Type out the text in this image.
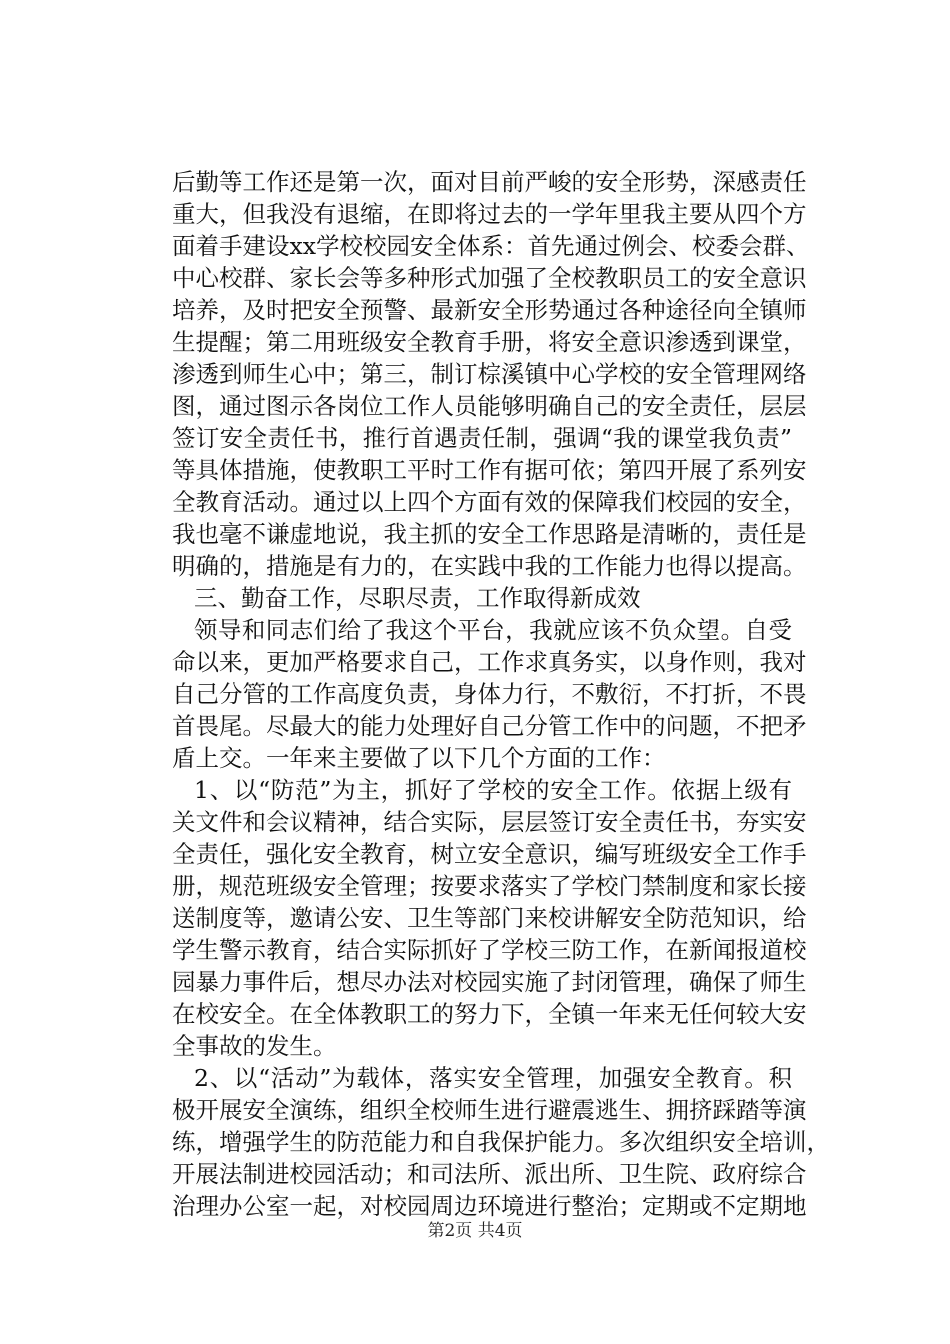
后勤等工作还是第一次，面对目前严峻的安全形势，深感责任
重大，但我没有退缩，在即将过去的一学年里我主要从四个方
面着手建设xx学校校园安全体系：首先通过例会、校委会群、
中心校群、家长会等多种形式加强了全校教职员工的安全意识
培养，及时把安全预警、最新安全形势通过各种途径向全镇师
生提醒；第二用班级安全教育手册，将安全意识渗透到课堂，
渗透到师生心中；第三，制订棕溪镇中心学校的安全管理网络
图，通过图示各岗位工作人员能够明确自己的安全责任，层层
签订安全责任书，推行首遇责任制，强调“我的课堂我负责”
等具体措施，使教职工平时工作有据可依；第四开展了系列安
全教育活动。通过以上四个方面有效的保障我们校园的安全，
我也毫不谦虚地说，我主抓的安全工作思路是清晰的，责任是
明确的，措施是有力的，在实践中我的工作能力也得以提高。
三、勤奋工作，尽职尽责，工作取得新成效
领导和同志们给了我这个平台，我就应该不负众望。自受
命以来，更加严格要求自己，工作求真务实，以身作则，我对
自己分管的工作高度负责，身体力行，不敷衍，不打折，不畏
首畏尾。尽最大的能力处理好自己分管工作中的问题，不把矛
盾上交。一年来主要做了以下几个方面的工作：
1、以“防范”为主，抓好了学校的安全工作。依据上级有
关文件和会议精神，结合实际，层层签订安全责任书，夯实安
全责任，强化安全教育，树立安全意识，编写班级安全工作手
册，规范班级安全管理；按要求落实了学校门禁制度和家长接
送制度等，邀请公安、卫生等部门来校讲解安全防范知识，给
学生警示教育，结合实际抓好了学校三防工作，在新闻报道校
园暴力事件后，想尽办法对校园实施了封闭管理，确保了师生
在校安全。在全体教职工的努力下，全镇一年来无任何较大安
全事故的发生。
2、以“活动”为载体，落实安全管理，加强安全教育。积
极开展安全演练，组织全校师生进行避震逃生、拥挤踩踏等演
练，增强学生的防范能力和自我保护能力。多次组织安全培训，
开展法制进校园活动；和司法所、派出所、卫生院、政府综合
治理办公室一起，对校园周边环境进行整治；定期或不定期地
第2页 共4页
